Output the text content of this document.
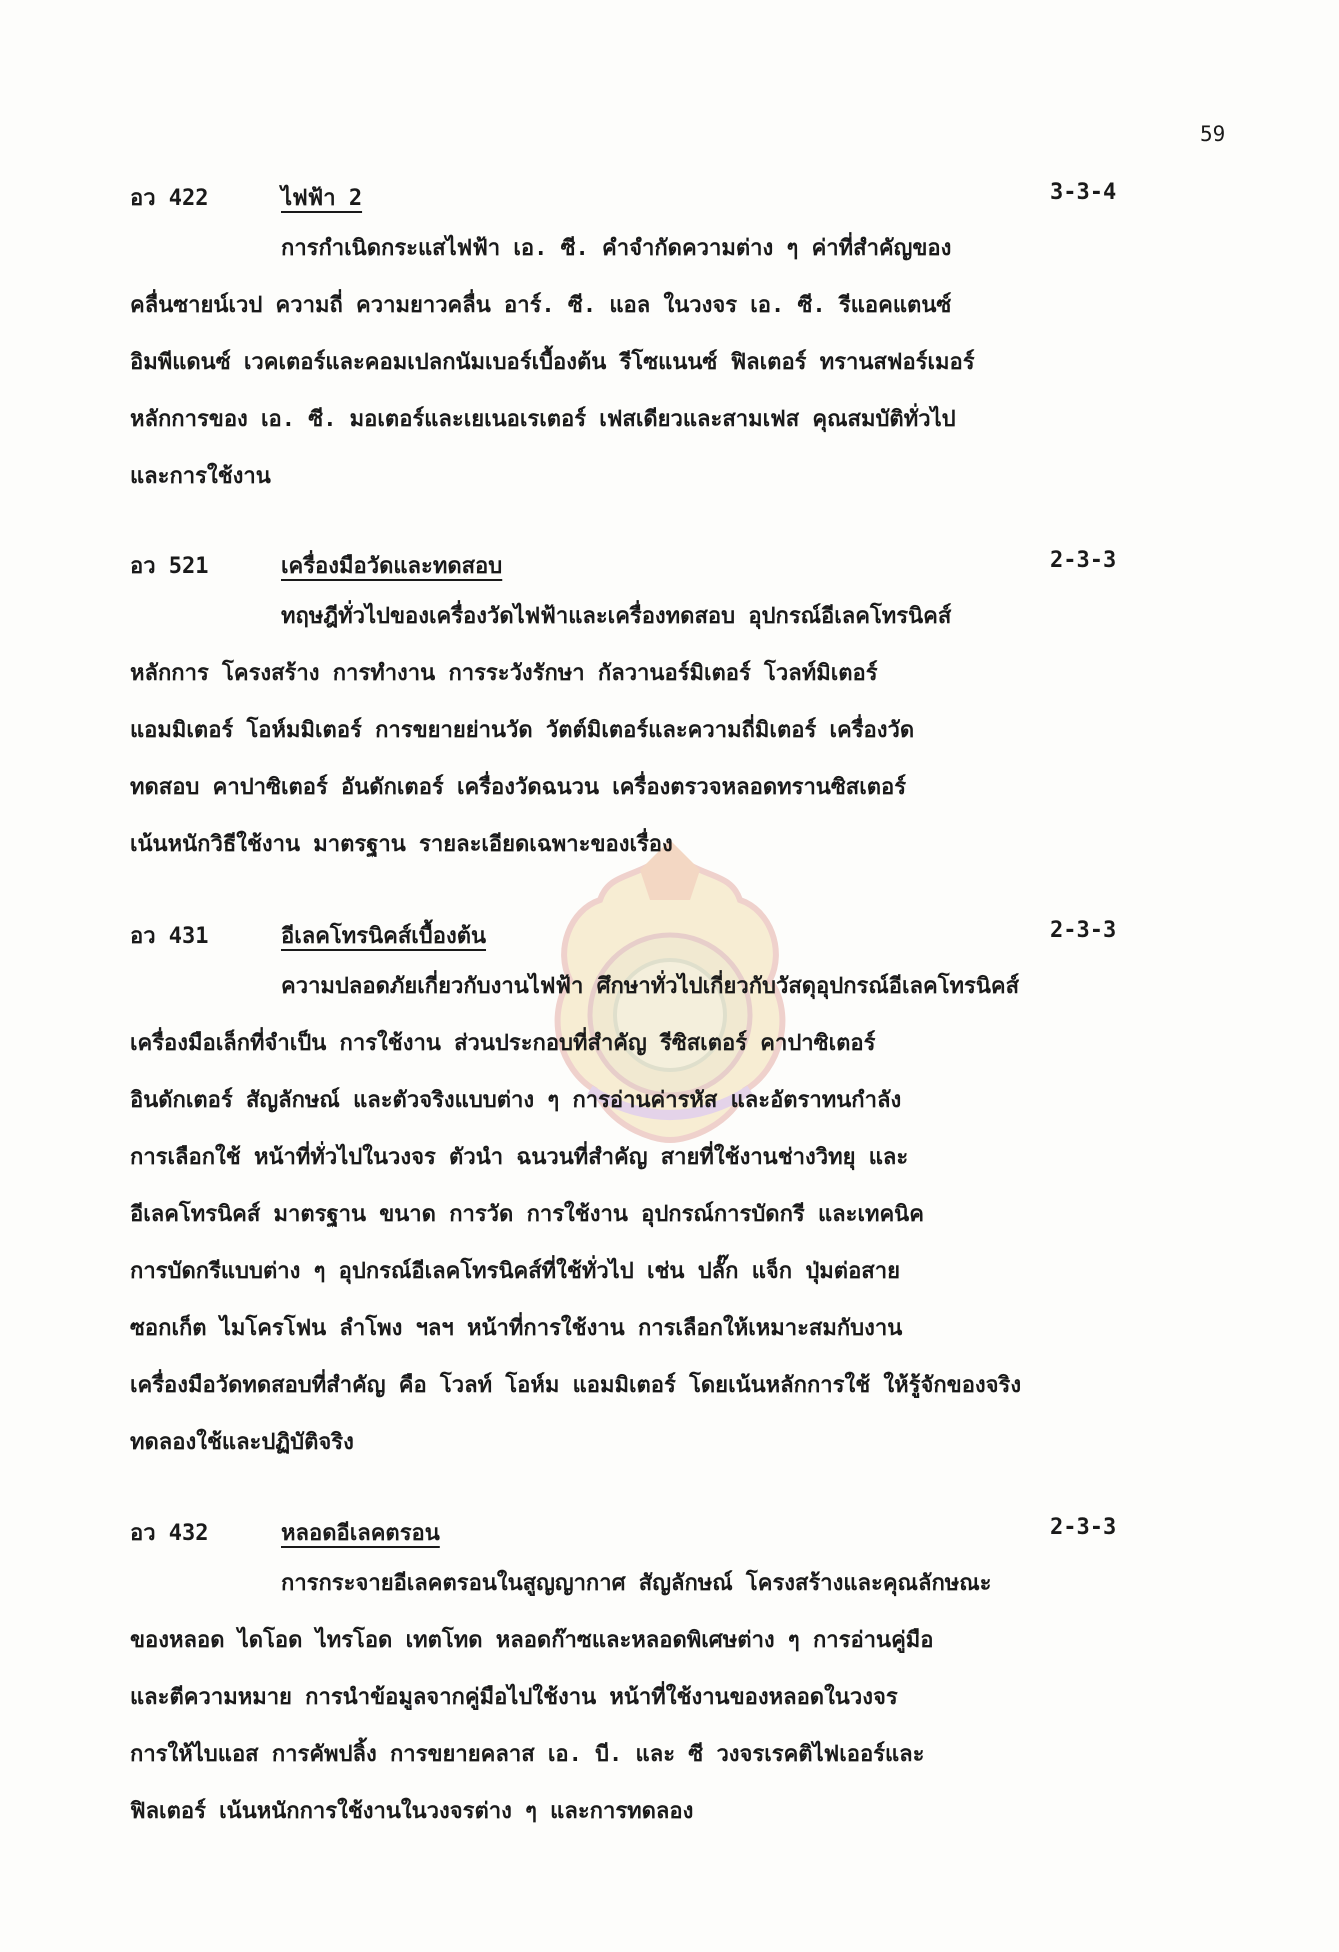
59
อว 422	ไฟฟ้า 2	3-3-4
การกำเนิดกระแสไฟฟ้า เอ. ซี. คำจำกัดความต่าง ๆ ค่าที่สำคัญของ
คลื่นซายน์เวป ความถี่ ความยาวคลื่น อาร์. ซี. แอล ในวงจร เอ. ซี. รีแอคแตนซ์
อิมพีแดนซ์ เวคเตอร์และคอมเปลกนัมเบอร์เบื้องต้น รีโซแนนซ์ ฟิลเตอร์ ทรานสฟอร์เมอร์
หลักการของ เอ. ซี. มอเตอร์และเยเนอเรเตอร์ เฟสเดียวและสามเฟส คุณสมบัติทั่วไป
และการใช้งาน
อว 521	เครื่องมือวัดและทดสอบ	2-3-3
ทฤษฎีทั่วไปของเครื่องวัดไฟฟ้าและเครื่องทดสอบ อุปกรณ์อีเลคโทรนิคส์
หลักการ โครงสร้าง การทำงาน การระวังรักษา กัลวานอร์มิเตอร์ โวลท์มิเตอร์
แอมมิเตอร์ โอห์มมิเตอร์ การขยายย่านวัด วัตต์มิเตอร์และความถี่มิเตอร์ เครื่องวัด
ทดสอบ คาปาซิเตอร์ อันดักเตอร์ เครื่องวัดฉนวน เครื่องตรวจหลอดทรานซิสเตอร์
เน้นหนักวิธีใช้งาน มาตรฐาน รายละเอียดเฉพาะของเรื่อง
อว 431	อีเลคโทรนิคส์เบื้องต้น	2-3-3
ความปลอดภัยเกี่ยวกับงานไฟฟ้า ศึกษาทั่วไปเกี่ยวกับวัสดุอุปกรณ์อีเลคโทรนิคส์
เครื่องมือเล็กที่จำเป็น การใช้งาน ส่วนประกอบที่สำคัญ รีซิสเตอร์ คาปาซิเตอร์
อินดักเตอร์ สัญลักษณ์ และตัวจริงแบบต่าง ๆ การอ่านค่ารหัส และอัตราทนกำลัง
การเลือกใช้ หน้าที่ทั่วไปในวงจร ตัวนำ ฉนวนที่สำคัญ สายที่ใช้งานช่างวิทยุ และ
อีเลคโทรนิคส์ มาตรฐาน ขนาด การวัด การใช้งาน อุปกรณ์การบัดกรี และเทคนิค
การบัดกรีแบบต่าง ๆ อุปกรณ์อีเลคโทรนิคส์ที่ใช้ทั่วไป เช่น ปลั๊ก แจ็ก ปุ่มต่อสาย
ซอกเก็ต ไมโครโฟน ลำโพง ฯลฯ หน้าที่การใช้งาน การเลือกให้เหมาะสมกับงาน
เครื่องมือวัดทดสอบที่สำคัญ คือ โวลท์ โอห์ม แอมมิเตอร์ โดยเน้นหลักการใช้ ให้รู้จักของจริง
ทดลองใช้และปฏิบัติจริง
อว 432	หลอดอีเลคตรอน	2-3-3
การกระจายอีเลคตรอนในสูญญากาศ สัญลักษณ์ โครงสร้างและคุณลักษณะ
ของหลอด ไดโอด ไทรโอด เทตโทด หลอดก๊าซและหลอดพิเศษต่าง ๆ การอ่านคู่มือ
และตีความหมาย การนำข้อมูลจากคู่มือไปใช้งาน หน้าที่ใช้งานของหลอดในวงจร
การให้ไบแอส การคัพปลิ้ง การขยายคลาส เอ. บี. และ ซี วงจรเรคติไฟเออร์และ
ฟิลเตอร์ เน้นหนักการใช้งานในวงจรต่าง ๆ และการทดลอง
